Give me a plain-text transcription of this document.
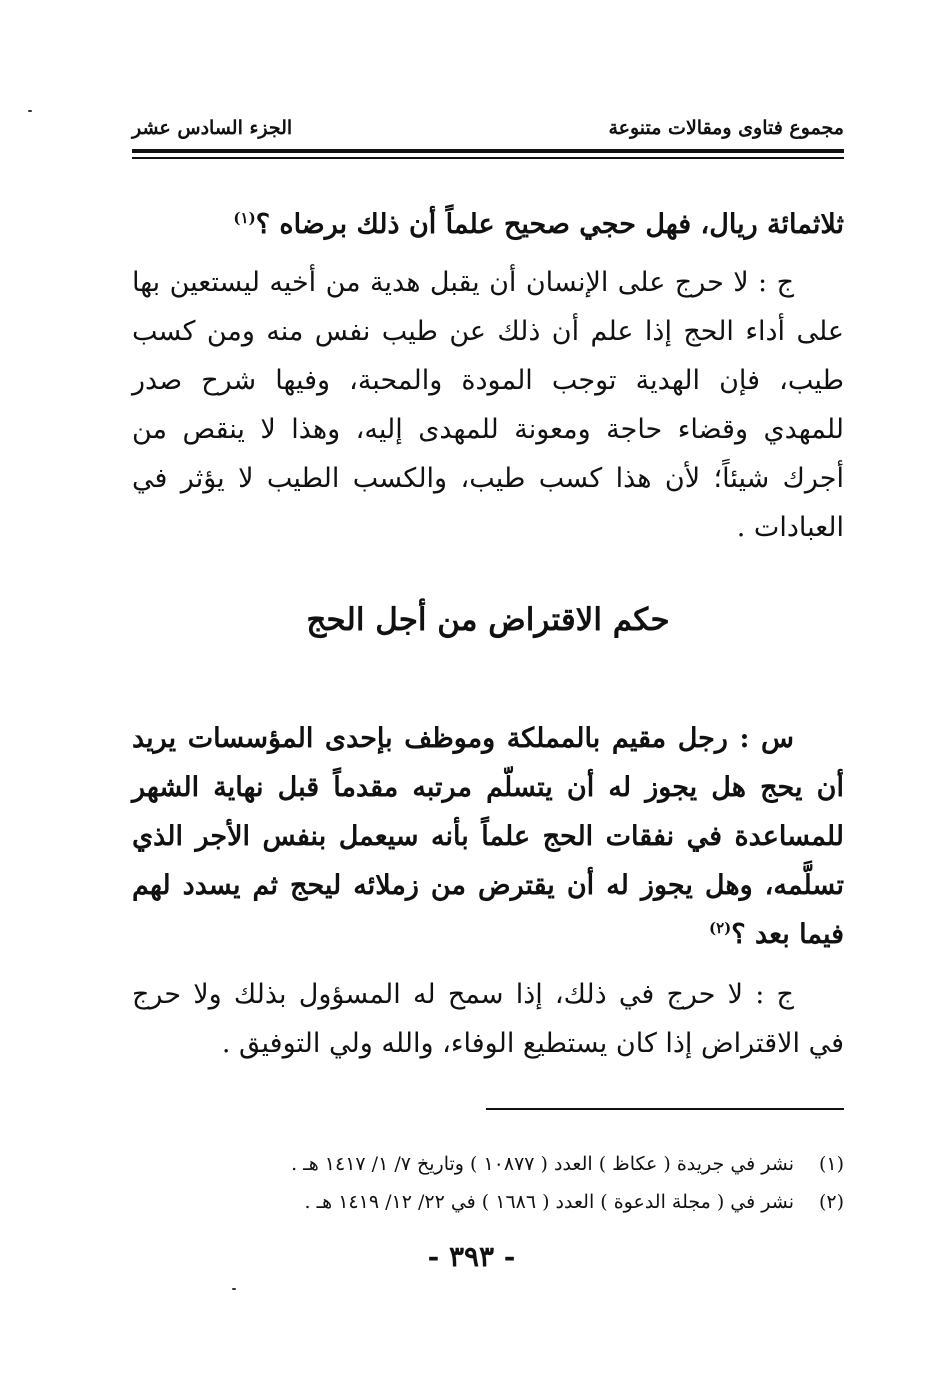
مجموع فتاوى ومقالات متنوعة
الجزء السادس عشر

ثلاثمائة ريال، فهل حجي صحيح علماً أن ذلك برضاه ؟$^{(١)}$

ج : لا حرج على الإنسان أن يقبل هدية من أخيه ليستعين بها على أداء الحج إذا علم أن ذلك عن طيب نفس منه ومن كسب طيب، فإن الهدية توجب المودة والمحبة، وفيها شرح صدر للمهدي وقضاء حاجة ومعونة للمهدى إليه، وهذا لا ينقص من أجرك شيئاً؛ لأن هذا كسب طيب، والكسب الطيب لا يؤثر في العبادات .

حكم الاقتراض من أجل الحج

س : رجل مقيم بالمملكة وموظف بإحدى المؤسسات يريد أن يحج هل يجوز له أن يتسلّم مرتبه مقدماً قبل نهاية الشهر للمساعدة في نفقات الحج علماً بأنه سيعمل بنفس الأجر الذي تسلَّمه، وهل يجوز له أن يقترض من زملائه ليحج ثم يسدد لهم فيما بعد ؟$^{(٢)}$

ج : لا حرج في ذلك، إذا سمح له المسؤول بذلك ولا حرج في الاقتراض إذا كان يستطيع الوفاء، والله ولي التوفيق .

(١)
نشر في جريدة ( عكاظ ) العدد ( ١٠٨٧٧ ) وتاريخ ٧/ ١/ ١٤١٧ هـ .
(٢)
نشر في ( مجلة الدعوة ) العدد ( ١٦٨٦ ) في ٢٢/ ١٢/ ١٤١٩ هـ .
- ٣٩٣ -
